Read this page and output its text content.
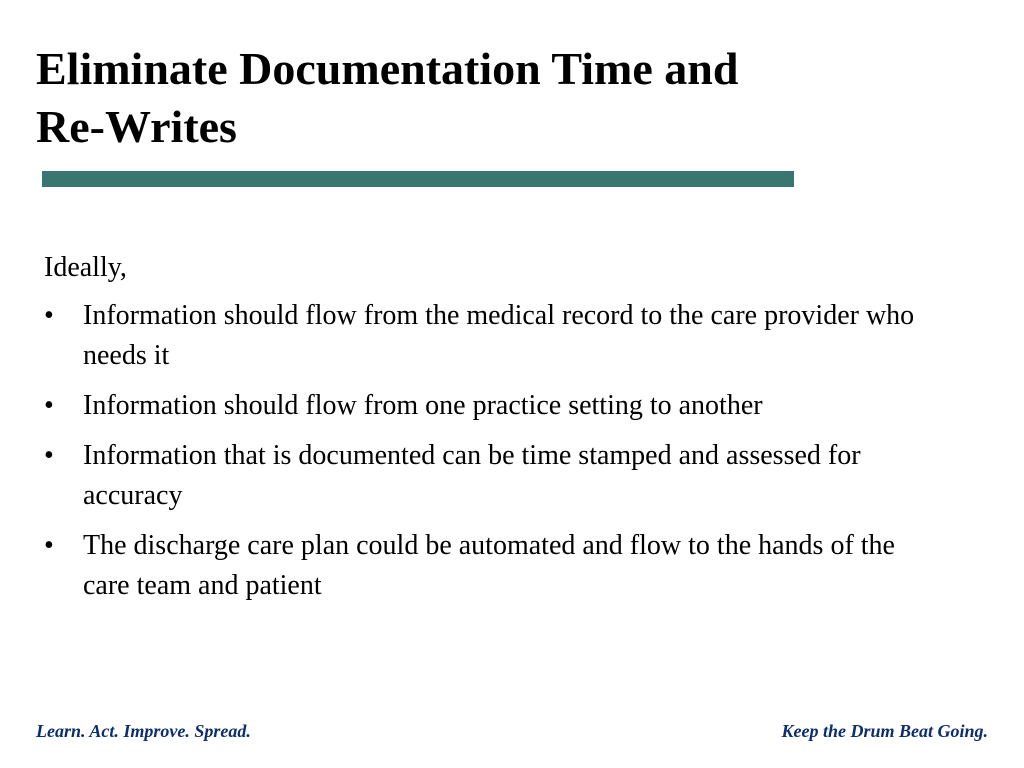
Eliminate Documentation Time and
Re-Writes

Ideally,

•	Information should flow from the medical record to the care provider who needs it
•	Information should flow from one practice setting to another
•	Information that is documented can be time stamped and assessed for accuracy
•	The discharge care plan could be automated and flow to the hands of the care team and patient
Learn. Act. Improve. Spread.	Keep the Drum Beat Going.
